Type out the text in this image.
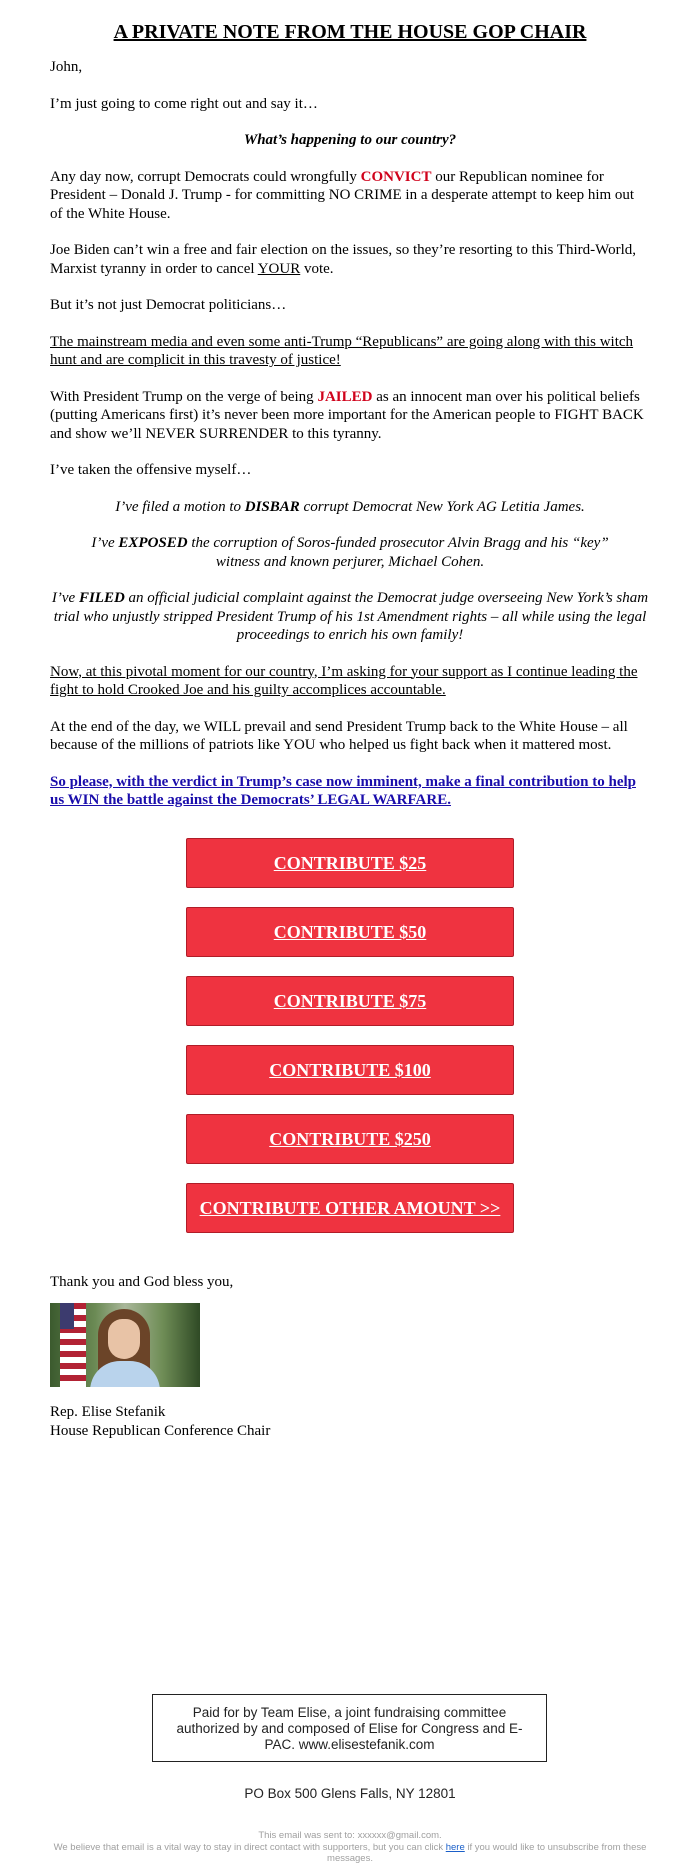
A PRIVATE NOTE FROM THE HOUSE GOP CHAIR

John,

I’m just going to come right out and say it…

What’s happening to our country?

Any day now, corrupt Democrats could wrongfully CONVICT our Republican nominee for President – Donald J. Trump - for committing NO CRIME in a desperate attempt to keep him out of the White House.

Joe Biden can’t win a free and fair election on the issues, so they’re resorting to this Third-World, Marxist tyranny in order to cancel YOUR vote.

But it’s not just Democrat politicians…

The mainstream media and even some anti-Trump “Republicans” are going along with this witch hunt and are complicit in this travesty of justice!

With President Trump on the verge of being JAILED as an innocent man over his political beliefs (putting Americans first) it’s never been more important for the American people to FIGHT BACK and show we’ll NEVER SURRENDER to this tyranny.

I’ve taken the offensive myself…

I’ve filed a motion to DISBAR corrupt Democrat New York AG Letitia James.

I’ve EXPOSED the corruption of Soros-funded prosecutor Alvin Bragg and his “key” witness and known perjurer, Michael Cohen.

I’ve FILED an official judicial complaint against the Democrat judge overseeing New York’s sham trial who unjustly stripped President Trump of his 1st Amendment rights – all while using the legal proceedings to enrich his own family!

Now, at this pivotal moment for our country, I’m asking for your support as I continue leading the fight to hold Crooked Joe and his guilty accomplices accountable.

At the end of the day, we WILL prevail and send President Trump back to the White House – all because of the millions of patriots like YOU who helped us fight back when it mattered most.

So please, with the verdict in Trump’s case now imminent, make a final contribution to help us WIN the battle against the Democrats’ LEGAL WARFARE.

CONTRIBUTE $25
CONTRIBUTE $50
CONTRIBUTE $75
CONTRIBUTE $100
CONTRIBUTE $250
CONTRIBUTE OTHER AMOUNT >>

Thank you and God bless you,

Rep. Elise Stefanik

House Republican Conference Chair

Paid for by Team Elise, a joint fundraising committee authorized by and composed of Elise for Congress and E-PAC. www.elisestefanik.com
PO Box 500 Glens Falls, NY 12801
This email was sent to: xxxxxx@gmail.com.
We believe that email is a vital way to stay in direct contact with supporters, but you can click here if you would like to unsubscribe from these messages.
